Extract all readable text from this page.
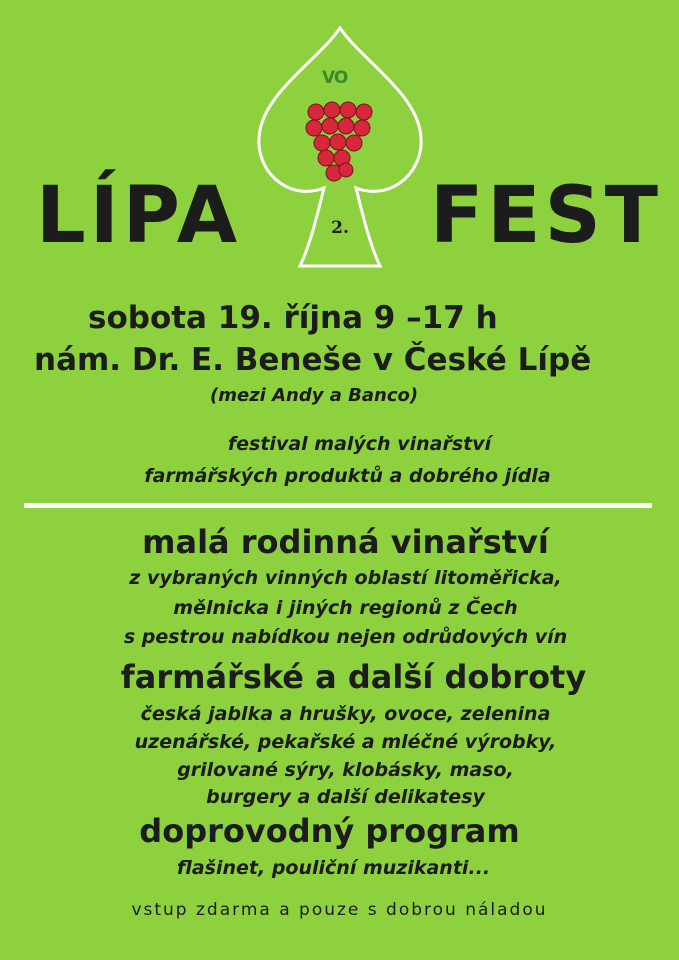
LÍPA FEST
VO
2.
sobota 19. října 9 –17 h
nám. Dr. E. Beneše v České Lípě
(mezi Andy a Banco)
festival malých vinařství
farmářských produktů a dobrého jídla
malá rodinná vinařství
z vybraných vinných oblastí litoměřicka,
mělnicka i jiných regionů z Čech
s pestrou nabídkou nejen odrůdových vín
farmářské a další dobroty
česká jablka a hrušky, ovoce, zelenina
uzenářské, pekařské a mléčné výrobky,
grilované sýry, klobásky, maso,
burgery a další delikatesy
doprovodný program
flašinet, pouliční muzikanti...
vstup zdarma a pouze s dobrou náladou
